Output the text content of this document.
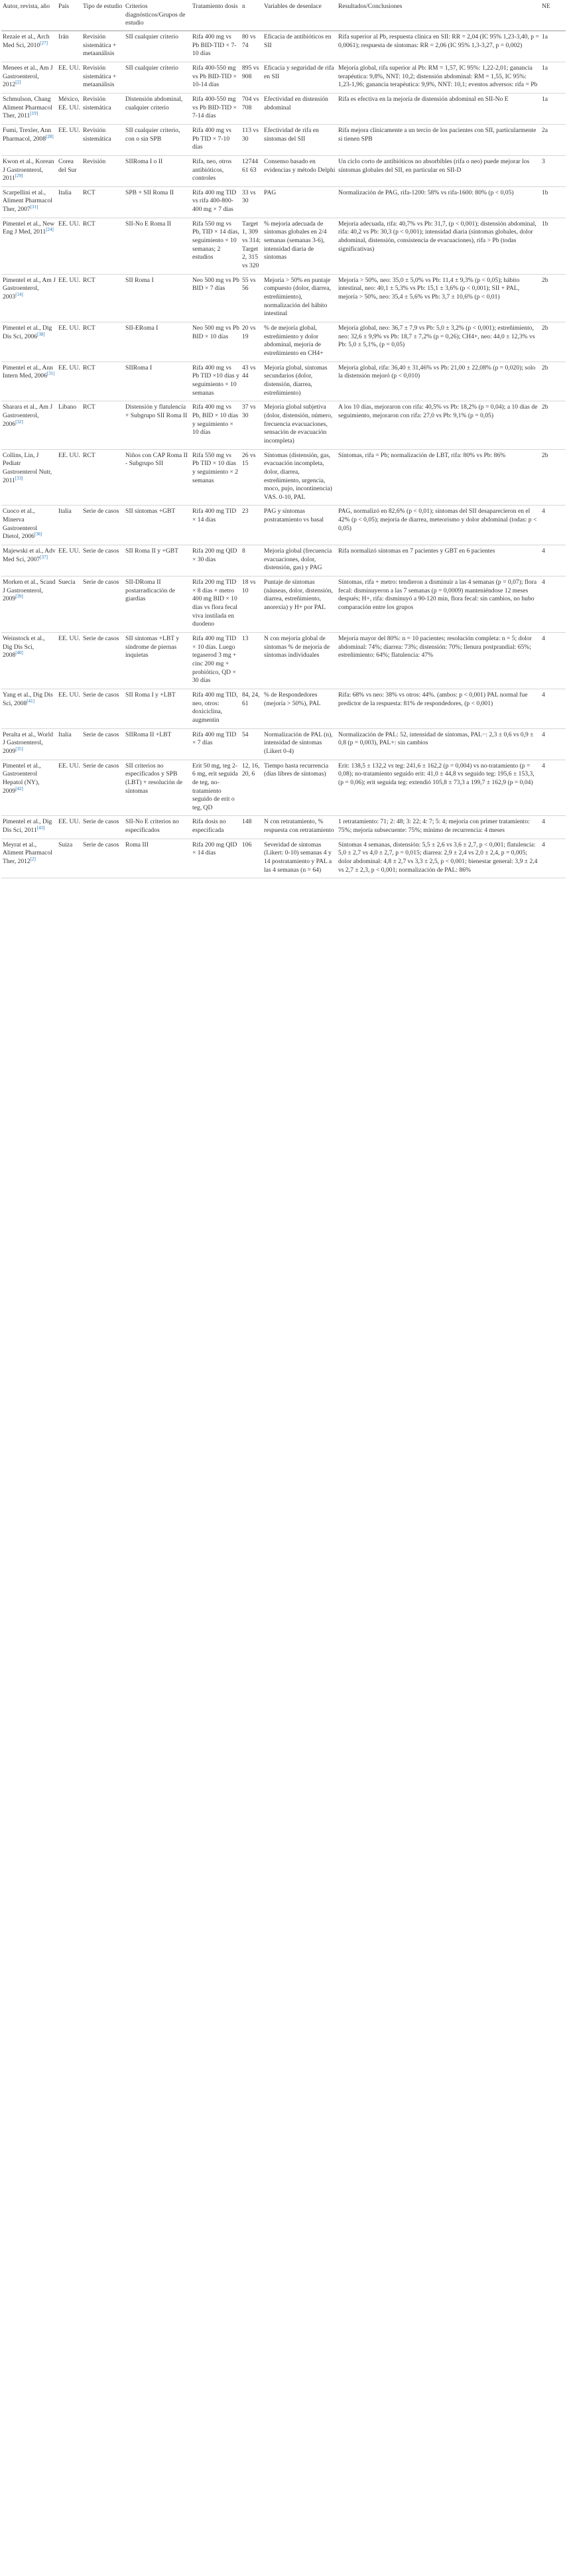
Autor, revista, año	País	Tipo de estudio	Criterios diagnósticos/Grupos de estudio	Tratamiento dosis	n	Variables de desenlace	Resultados/Conclusiones	NE
Rezaie et al., Arch Med Sci, 2010[27]	Irán	Revisión sistemática + metaanálisis	SII cualquier criterio	Rifa 400 mg vs Pb BID-TID × 7-10 días	80 vs 74	Eficacia de antibióticos en SII	Rifa superior al Pb, respuesta clínica en SII: RR = 2,04 (IC 95% 1,23-3,40, p = 0,0061); respuesta de síntomas: RR = 2,06 (IC 95% 1,3-3,27, p = 0,002)	1a
Menees et al., Am J Gastroenterol, 2012[2]	EE. UU.	Revisión sistemática + metaanálisis	SII cualquier criterio	Rifa 400-550 mg vs Pb BID-TID × 10-14 días	895 vs 908	Eficacia y seguridad de rifa en SII	Mejoría global, rifa superior al Pb: RM = 1,57, IC 95%: 1,22-2,01; ganancia terapéutica: 9,8%, NNT: 10,2; distensión abdominal: RM = 1,55, IC 95%: 1,23-1,96; ganancia terapéutica: 9,9%, NNT: 10,1; eventos adversos: rifa = Pb	1a
Schmulson, Chang Aliment Pharmacol Ther, 2011[19]	México, EE. UU.	Revisión sistemática	Distensión abdominal, cualquier criterio	Rifa 400-550 mg vs Pb BID-TID × 7-14 días	704 vs 708	Efectividad en distensión abdominal	Rifa es efectiva en la mejoría de distensión abdominal en SII-No E	1a
Fumi, Trexler, Ann Pharmacol, 2008[28]	EE. UU.	Revisión sistemática	SII cualquier criterio, con o sin SPB	Rifa 400 mg vs Pb TID × 7-10 días	113 vs 30	Efectividad de rifa en síntomas del SII	Rifa mejora clínicamente a un tercio de los pacientes con SII, particularmente si tienen SPB	2a
Kwon et al., Korean J Gastroenterol, 2011[29]	Corea del Sur	Revisión	SIIRoma I o II	Rifa, neo, otros antibióticos, controles	12744 61 63	Consenso basado en evidencias y método Delphi	Un ciclo corto de antibióticos no absorbibles (rifa o neo) puede mejorar los síntomas globales del SII, en particular en SII-D	3
Scarpellini et al., Aliment Pharmacol Ther, 2007[31]	Italia	RCT	SPB + SII Roma II	Rifa 400 mg TID vs rifa 400-800-400 mg × 7 días	33 vs 30	PAG	Normalización de PAG, rifa-1200: 58% vs rifa-1600: 80% (p < 0,05)	1b
Pimentel et al., New Eng J Med, 2011[24]	EE. UU.	RCT	SII-No E Roma II	Rifa 550 mg vs Pb, TID × 14 días, seguimiento × 10 semanas; 2 estudios	Target 1, 309 vs 314; Target 2, 315 vs 320	% mejoría adecuada de síntomas globales en 2/4 semanas (semanas 3-6), intensidad diaria de síntomas	Mejoría adecuada, rifa: 40,7% vs Pb: 31,7, (p < 0,001); distensión abdominal, rifa: 40,2 vs Pb: 30,3 (p < 0,001); intensidad diaria (síntomas globales, dolor abdominal, distensión, consistencia de evacuaciones), rifa > Pb (todas significativas)	1b
Pimentel et al., Am J Gastroenterol, 2003[14]	EE. UU.	RCT	SII Roma I	Neo 500 mg vs Pb BID × 7 días	55 vs 56	Mejoría > 50% en puntaje compuesto (dolor, diarrea, estreñimiento), normalización del hábito intestinal	Mejoría > 50%, neo: 35,0 ± 5,0% vs Pb: 11,4 ± 9,3% (p < 0,05); hábito intestinal, neo: 40,1 ± 5,3% vs Pb: 15,1 ± 3,6% (p < 0,001); SII + PAL, mejoría > 50%, neo: 35,4 ± 5,6% vs Pb: 3,7 ± 10,6% (p < 0,01)	2b
Pimentel et al., Dig Dis Sci, 2006[38]	EE. UU.	RCT	SII-ERoma I	Neo 500 mg vs Pb BID × 10 días	20 vs 19	% de mejoría global, estreñimiento y dolor abdominal, mejoría de estreñimiento en CH4+	Mejoría global, neo: 36,7 ± 7,9 vs Pb: 5,0 ± 3,2% (p < 0,001); estreñimiento, neo: 32,6 ± 9,9% vs Pb: 18,7 ± 7,2% (p = 0,26); CH4+, neo: 44,0 ± 12,3% vs Pb: 5,0 ± 5,1%, (p = 0,05)	2b
Pimentel et al., Ann Intern Med, 2006[31]	EE. UU.	RCT	SIIRoma I	Rifa 400 mg vs Pb TID ×10 días y seguimiento × 10 semanas	43 vs 44	Mejoría global, síntomas secundarios (dolor, distensión, diarrea, estreñimiento)	Mejoría global, rifa: 36,40 ± 31,46% vs Pb: 21,00 ± 22,08% (p = 0,020); solo la distensión mejoró (p < 0,010)	2b
Sharara et al., Am J Gastroenterol, 2006[32]	Líbano	RCT	Distensión y flatulencia + Subgrupo SII Roma II	Rifa 400 mg vs Pb, BID × 10 días y seguimiento × 10 días	37 vs 30	Mejoría global subjetiva (dolor, distensión, número, frecuencia evacuaciones, sensación de evacuación incompleta)	A los 10 días, mejoraron con rifa: 40,5% vs Pb: 18,2% (p = 0,04); a 10 días de seguimiento, mejoraron con rifa: 27,0 vs Pb: 9,1% (p = 0,05)	2b
Collins, Lin, J Pediatr Gastroenterol Nutr, 2011[33]	EE. UU.	RCT	Niños con CAP Roma II - Subgrupo SII	Rifa 550 mg vs Pb TID × 10 días y seguimiento × 2 semanas	26 vs 15	Síntomas (distensión, gas, evacuación incompleta, dolor, diarrea, estreñimiento, urgencia, moco, pujo, incontinencia) VAS. 0-10, PAL	Síntomas, rifa = Pb; normalización de LBT, rifa: 80% vs Pb: 86%	2b
Cuoco et al., Minerva Gastroenterol Dietol, 2006[36]	Italia	Serie de casos	SII síntomas +GBT	Rifa 400 mg TID × 14 días	23	PAG y síntomas postratamiento vs basal	PAG, normalizó en 82,6% (p < 0,01); síntomas del SII desaparecieron en el 42% (p < 0,05); mejoría de diarrea, meteorismo y dolor abdominal (todas: p < 0,05)	4
Majewski et al., Adv Med Sci, 2007[37]	EE. UU.	Serie de casos	SII Roma II y +GBT	Rifa 200 mg QID × 30 días	8	Mejoría global (frecuencia evacuaciones, dolor, distensión, gas) y PAG	Rifa normalizó síntomas en 7 pacientes y GBT en 6 pacientes	4
Morken et al., Scand J Gastroenterol, 2009[39]	Suecia	Serie de casos	SII-DRoma II postarradicación de giardias	Rifa 200 mg TID × 8 días + metro 400 mg BID × 10 días vs flora fecal viva instilada en duodeno	18 vs 10	Puntaje de síntomas (náuseas, dolor, distensión, diarrea, estreñimiento, anorexia) y H+ por PAL	Síntomas, rifa + metro: tendieron a disminuir a las 4 semanas (p = 0,07); flora fecal: disminuyeron a las 7 semanas (p = 0,0009) manteniéndose 12 meses después; H+, rifa: disminuyó a 90-120 min, flora fecal: sin cambios, no hubo comparación entre los grupos	4
Weinstock et al., Dig Dis Sci, 2008[40]	EE. UU.	Serie de casos	SII síntomas +LBT y síndrome de piernas inquietas	Rifa 400 mg TID × 10 días. Luego tegaserod 3 mg + cinc 200 mg + probiótico, QD × 30 días	13	N con mejoría global de síntomas % de mejoría de síntomas individuales	Mejoría mayor del 80%: n = 10 pacientes; resolución completa: n = 5; dolor abdominal: 74%; diarrea: 73%; distensión: 70%; llenura postprandial: 65%; estreñimiento: 64%; flatulencia: 47%	4
Yang et al., Dig Dis Sci, 2008[41]	EE. UU.	Serie de casos	SII Roma I y +LBT	Rifa 400 mg TID, neo, otros: doxiciclina, augmentin	84, 24, 61	% de Respondedores (mejoría > 50%), PAL	Rifa: 68% vs neo: 38% vs otros: 44%. (ambos: p < 0,001) PAL normal fue predictor de la respuesta: 81% de respondedores, (p < 0,001)	4
Peralta et al., World J Gastroenterol, 2009[35]	Italia	Serie de casos	SIIRoma II +LBT	Rifa 400 mg TID × 7 días	54	Normalización de PAL (n), intensidad de síntomas (Likert 0-4)	Normalización de PAL: 52, intensidad de síntomas, PAL−: 2,3 ± 0,6 vs 0,9 ± 0,8 (p = 0,003), PAL+: sin cambios	4
Pimentel et al., Gastroenterol Hepatol (NY), 2009[42]	EE. UU.	Serie de casos	SII criterios no especificados y SPB (LBT) + resolución de síntomas	Erit 50 mg, teg 2-6 mg, erit seguida de teg, no-tratamiento seguido de erit o teg, QD	12, 16, 20, 6	Tiempo hasta recurrencia (días libres de síntomas)	Erit: 138,5 ± 132,2 vs teg: 241,6 ± 162,2 (p = 0,004) vs no-tratamiento (p = 0,08); no-tratamiento seguido erit: 41,0 ± 44,8 vs seguido teg: 195,6 ± 153,3, (p = 0,06); erit seguida teg: extendió 105,8 ± 73,3 a 199,7 ± 162,9 (p = 0,04)	4
Pimentel et al., Dig Dis Sci, 2011[43]	EE. UU.	Serie de casos	SII-No E criterios no especificados	Rifa dosis no especificada	148	N con retratamiento, % respuesta con retratamiento	1 retratamiento: 71; 2: 48; 3: 22; 4: 7; 5: 4; mejoría con primer tratamiento: 75%; mejoría subsecuente: 75%; mínimo de recurrencia: 4 meses	4
Meyrat et al., Aliment Pharmacol Ther, 2012[2]	Suiza	Serie de casos	Roma III	Rifa 200 mg QID × 14 días	106	Severidad de síntomas (Likert: 0-10) semanas 4 y 14 postratamiento y PAL a las 4 semanas (n = 64)	Síntomas 4 semanas, distensión: 5,5 ± 2,6 vs 3,6 ± 2,7, p < 0,001; flatulencia: 5,0 ± 2,7 vs 4,0 ± 2,7, p = 0,015; diarrea: 2,9 ± 2,4 vs 2,0 ± 2,4, p = 0,005; dolor abdominal: 4,8 ± 2,7 vs 3,3 ± 2,5, p < 0,001; bienestar general: 3,9 ± 2,4 vs 2,7 ± 2,3, p < 0,001; normalización de PAL: 86%	4
